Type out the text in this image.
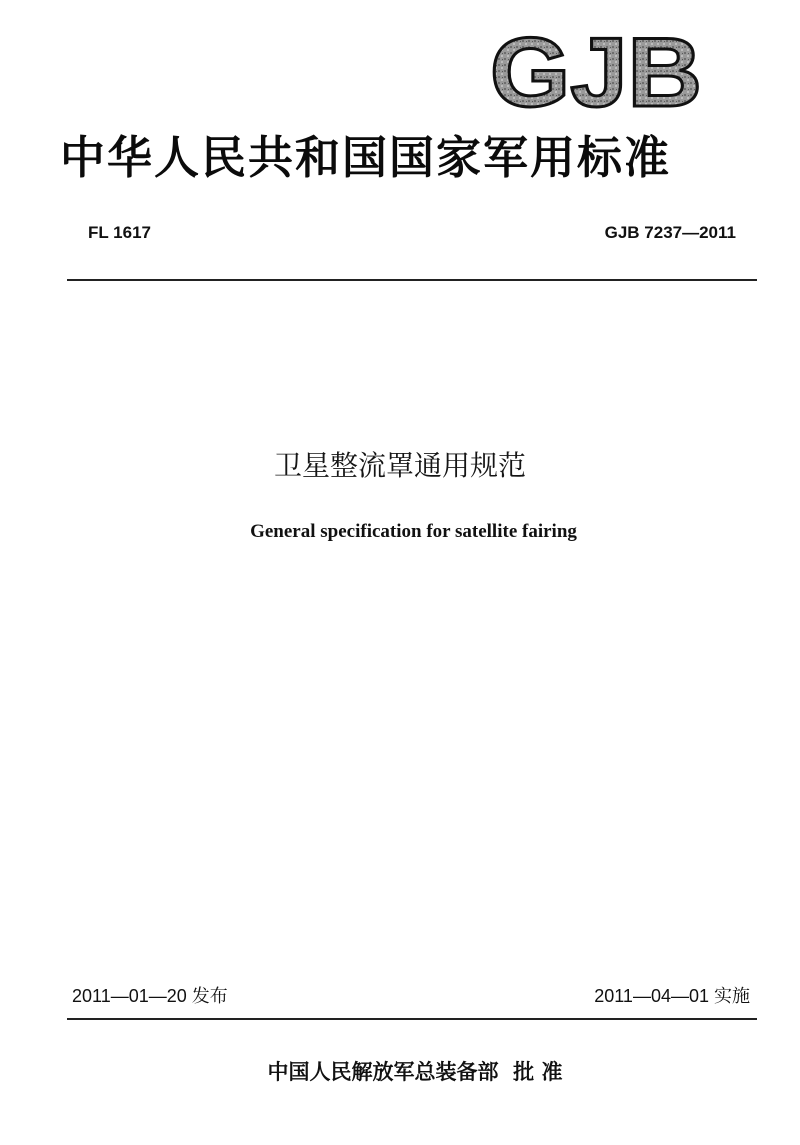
GJB
中华人民共和国国家军用标准
FL 1617	GJB 7237—2011
卫星整流罩通用规范
General specification for satellite fairing
2011—01—20 发布	2011—04—01 实施
中国人民解放军总装备部  批 准
